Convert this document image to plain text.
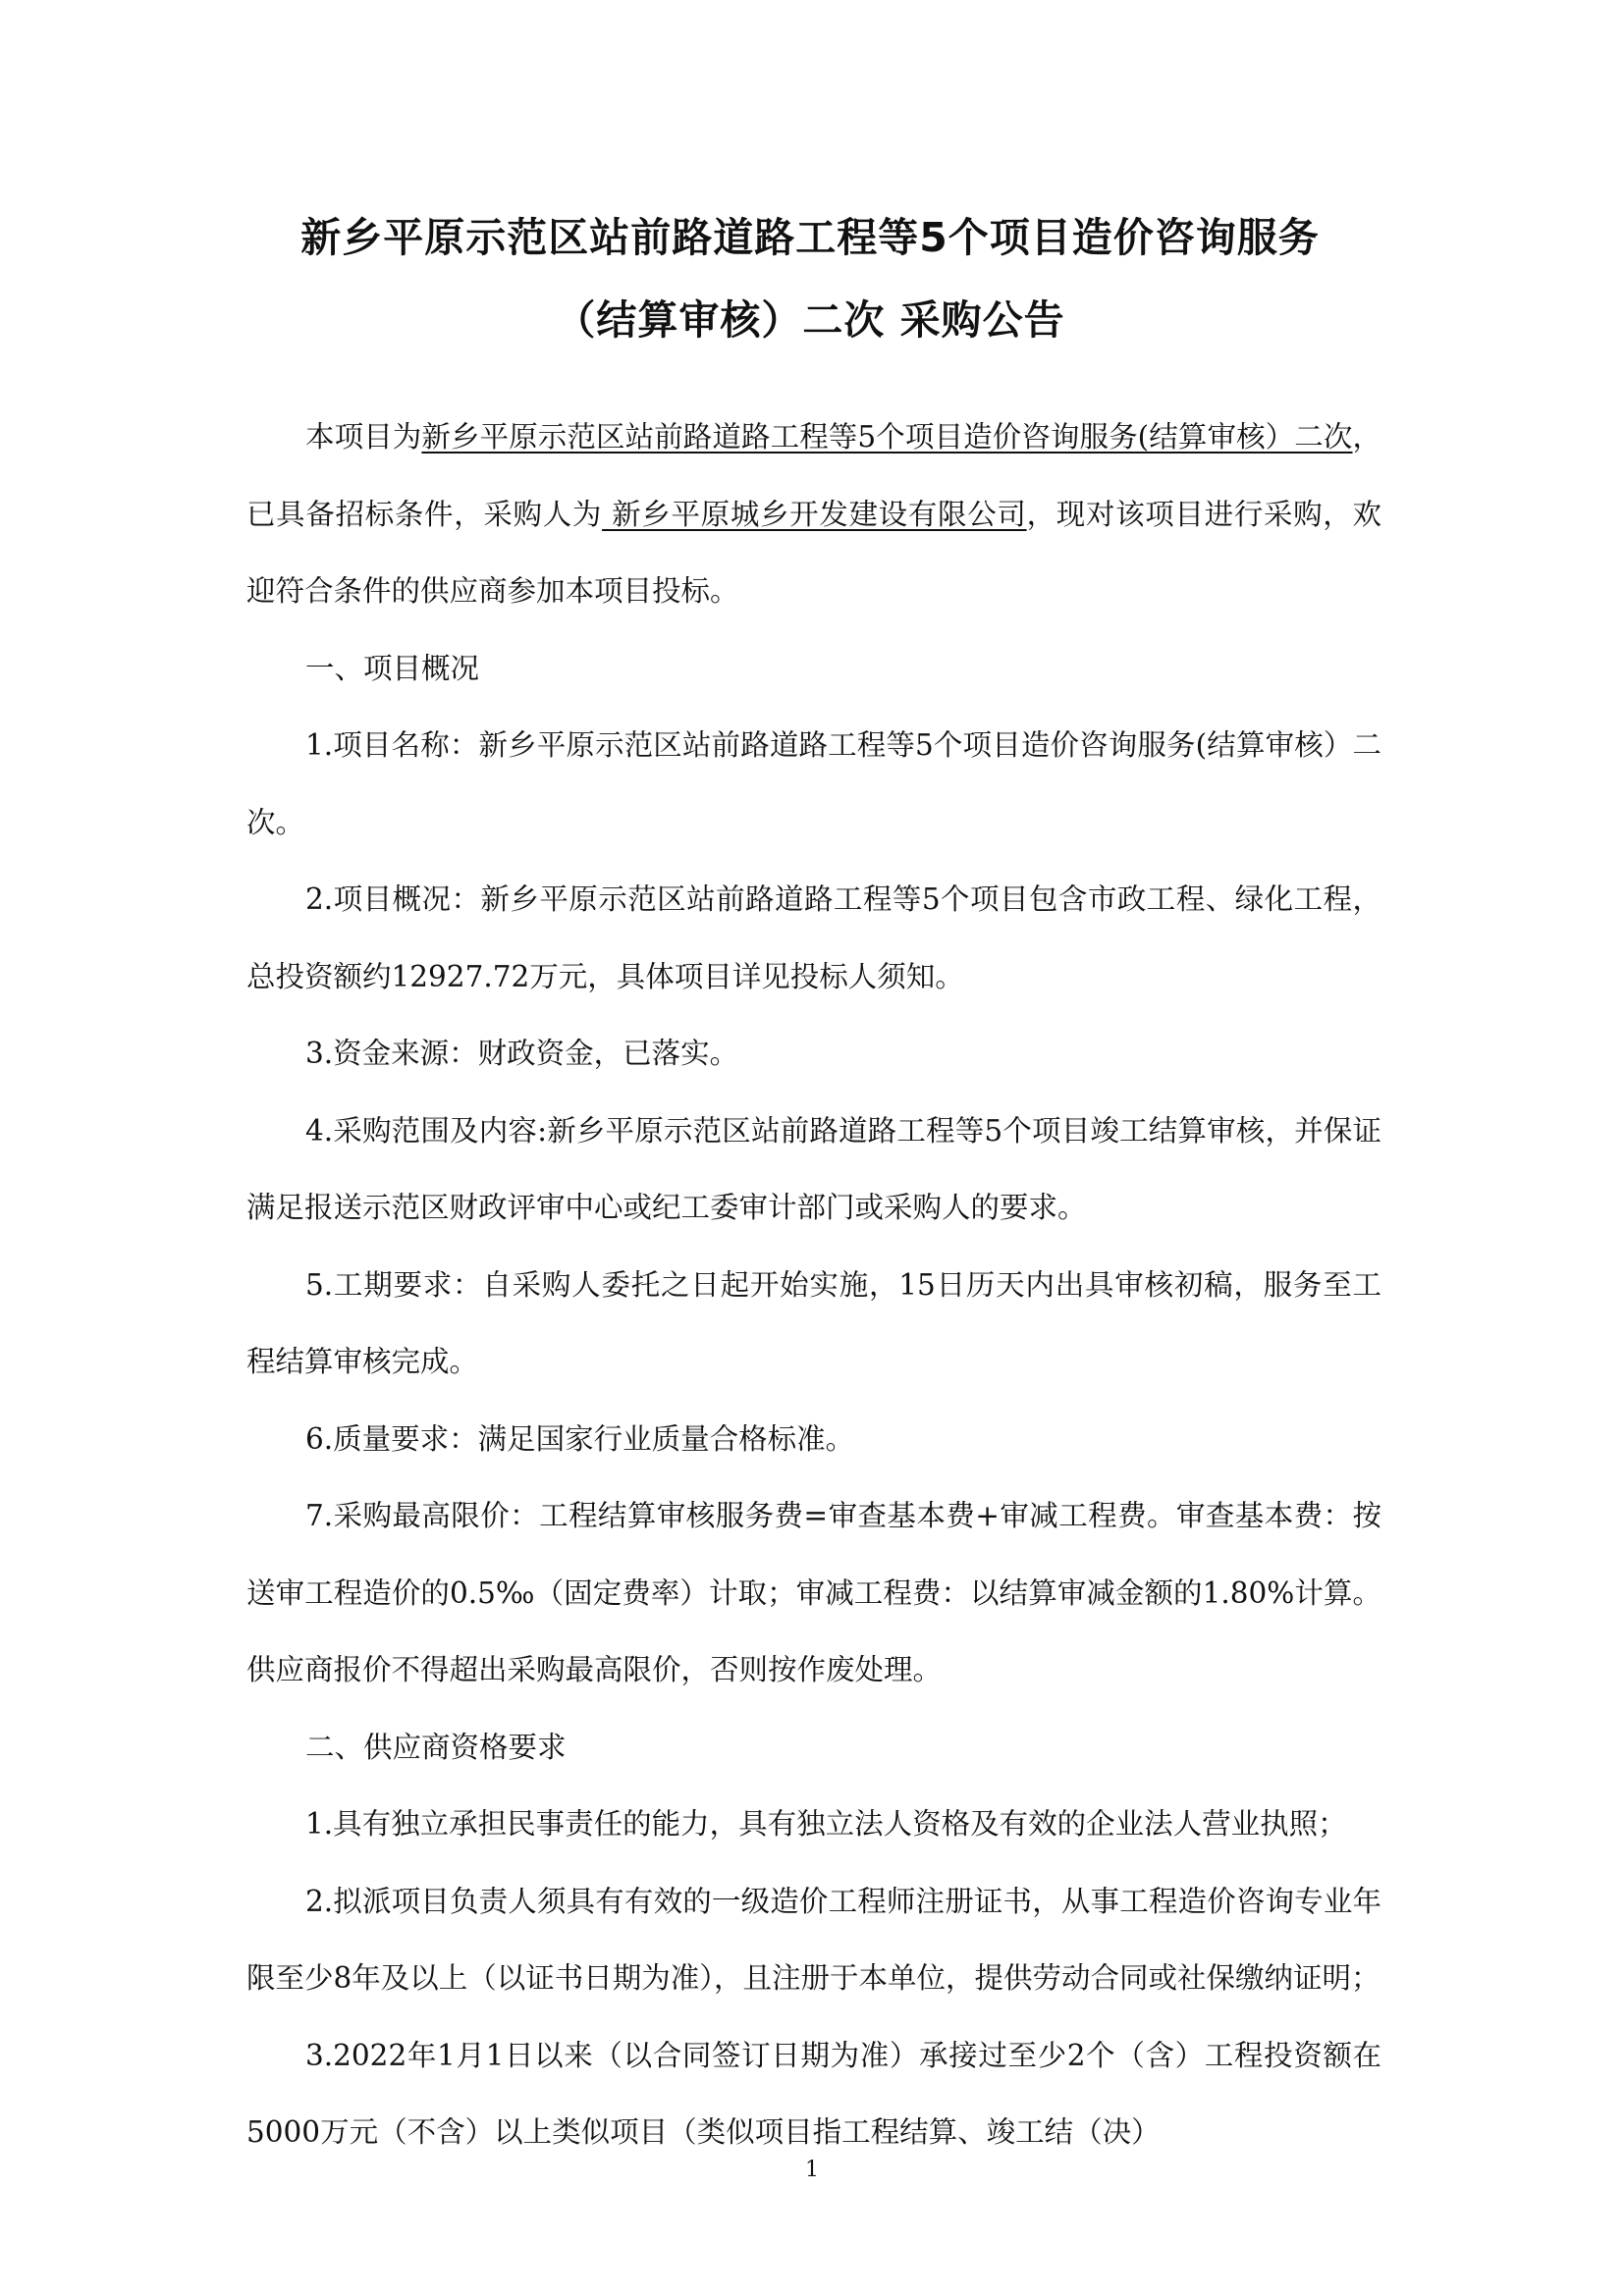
新乡平原示范区站前路道路工程等5个项目造价咨询服务
（结算审核）二次 采购公告

本项目为新乡平原示范区站前路道路工程等5个项目造价咨询服务(结算审核）二次，已具备招标条件，采购人为 新乡平原城乡开发建设有限公司，现对该项目进行采购，欢迎符合条件的供应商参加本项目投标。

一、项目概况

1.项目名称：新乡平原示范区站前路道路工程等5个项目造价咨询服务(结算审核）二次。

2.项目概况：新乡平原示范区站前路道路工程等5个项目包含市政工程、绿化工程，总投资额约12927.72万元，具体项目详见投标人须知。

3.资金来源：财政资金，已落实。

4.采购范围及内容:新乡平原示范区站前路道路工程等5个项目竣工结算审核，并保证满足报送示范区财政评审中心或纪工委审计部门或采购人的要求。

5.工期要求：自采购人委托之日起开始实施，15日历天内出具审核初稿，服务至工程结算审核完成。

6.质量要求：满足国家行业质量合格标准。

7.采购最高限价：工程结算审核服务费=审查基本费+审减工程费。审查基本费：按送审工程造价的0.5‰（固定费率）计取；审减工程费：以结算审减金额的1.80%计算。供应商报价不得超出采购最高限价，否则按作废处理。

二、供应商资格要求

1.具有独立承担民事责任的能力，具有独立法人资格及有效的企业法人营业执照；

2.拟派项目负责人须具有有效的一级造价工程师注册证书，从事工程造价咨询专业年限至少8年及以上（以证书日期为准），且注册于本单位，提供劳动合同或社保缴纳证明；

3.2022年1月1日以来（以合同签订日期为准）承接过至少2个（含）工程投资额在5000万元（不含）以上类似项目（类似项目指工程结算、竣工结（决）

1
